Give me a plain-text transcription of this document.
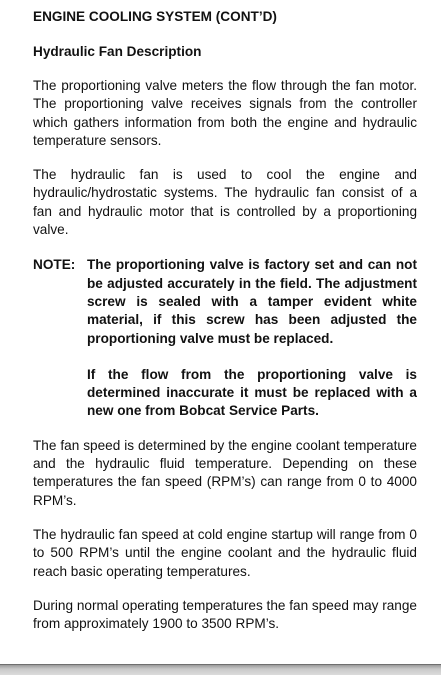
ENGINE COOLING SYSTEM (CONT’D)
Hydraulic Fan Description

The proportioning valve meters the flow through the fan motor. The proportioning valve receives signals from the controller which gathers information from both the engine and hydraulic temperature sensors.

The hydraulic fan is used to cool the engine and hydraulic/hydrostatic systems. The hydraulic fan consist of a fan and hydraulic motor that is controlled by a proportioning valve.

NOTE: The proportioning valve is factory set and can not be adjusted accurately in the field. The adjustment screw is sealed with a tamper evident white material, if this screw has been adjusted the proportioning valve must be replaced.

If the flow from the proportioning valve is determined inaccurate it must be replaced with a new one from Bobcat Service Parts.

The fan speed is determined by the engine coolant temperature and the hydraulic fluid temperature. Depending on these temperatures the fan speed (RPM’s) can range from 0 to 4000 RPM’s.

The hydraulic fan speed at cold engine startup will range from 0 to 500 RPM’s until the engine coolant and the hydraulic fluid reach basic operating temperatures.

During normal operating temperatures the fan speed may range from approximately 1900 to 3500 RPM’s.
